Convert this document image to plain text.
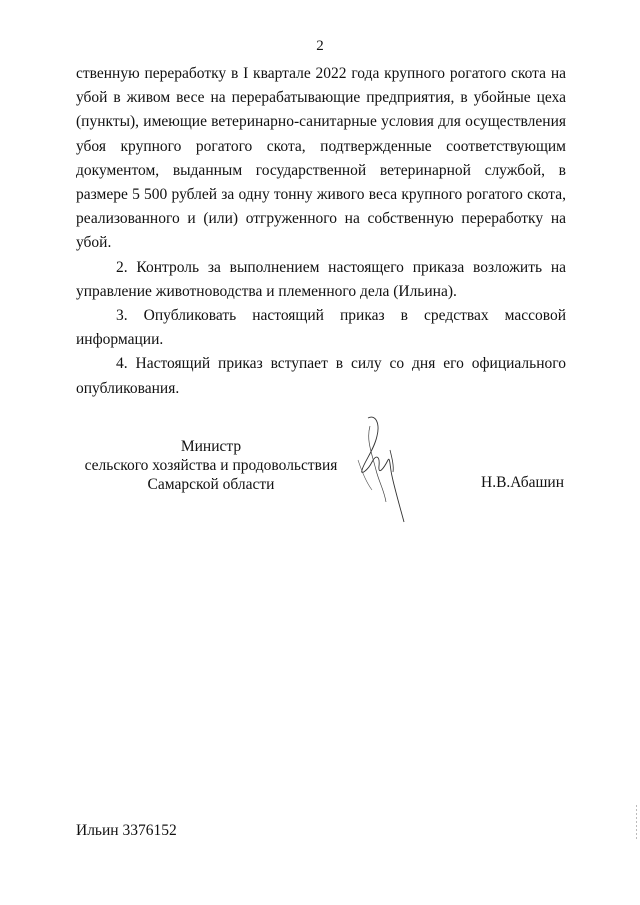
2

ственную переработку в I квартале 2022 года крупного рогатого скота на убой в живом весе на перерабатывающие предприятия, в убойные цеха (пункты), имеющие ветеринарно-санитарные условия для осуществления убоя крупного рогатого скота, подтвержденные соответствующим документом, выданным государственной ветеринарной службой, в размере 5 500 рублей за одну тонну живого веса крупного рогатого скота, реализованного и (или) отгруженного на собственную переработку на убой.

2. Контроль за выполнением настоящего приказа возложить на управление животноводства и племенного дела (Ильина).

3. Опубликовать настоящий приказ в средствах массовой информации.

4. Настоящий приказ вступает в силу со дня его официального опубликования.

Министр
сельского хозяйства и продовольствия
Самарской области	Н.В.Абашин
Ильин 3376152
